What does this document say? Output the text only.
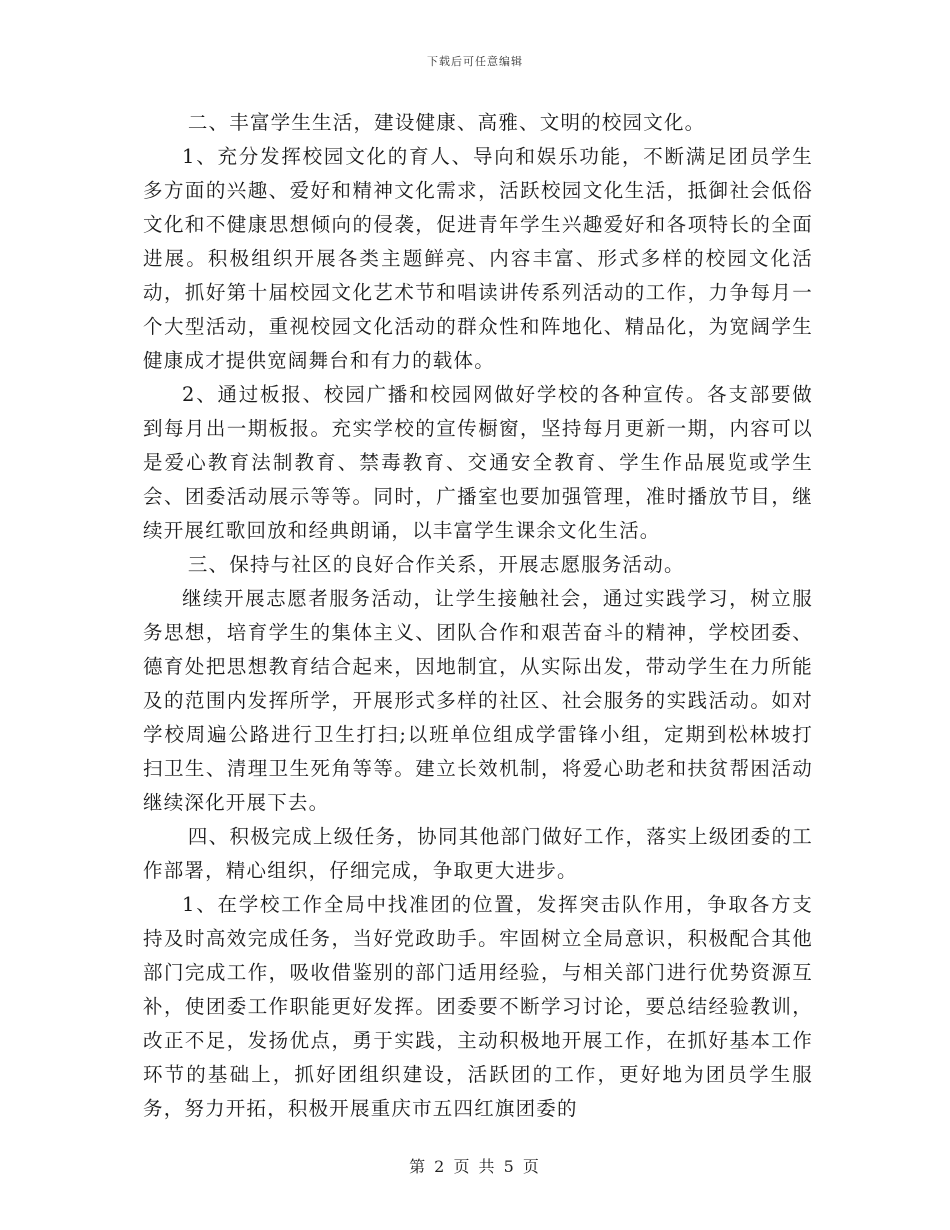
下载后可任意编辑

二、丰富学生生活，建设健康、高雅、文明的校园文化。

1、充分发挥校园文化的育人、导向和娱乐功能，不断满足团员学生多方面的兴趣、爱好和精神文化需求，活跃校园文化生活，抵御社会低俗文化和不健康思想倾向的侵袭，促进青年学生兴趣爱好和各项特长的全面进展。积极组织开展各类主题鲜亮、内容丰富、形式多样的校园文化活动，抓好第十届校园文化艺术节和唱读讲传系列活动的工作，力争每月一个大型活动，重视校园文化活动的群众性和阵地化、精品化，为宽阔学生健康成才提供宽阔舞台和有力的载体。

2、通过板报、校园广播和校园网做好学校的各种宣传。各支部要做到每月出一期板报。充实学校的宣传橱窗，坚持每月更新一期，内容可以是爱心教育法制教育、禁毒教育、交通安全教育、学生作品展览或学生会、团委活动展示等等。同时，广播室也要加强管理，准时播放节目，继续开展红歌回放和经典朗诵，以丰富学生课余文化生活。

三、保持与社区的良好合作关系，开展志愿服务活动。

继续开展志愿者服务活动，让学生接触社会，通过实践学习，树立服务思想，培育学生的集体主义、团队合作和艰苦奋斗的精神，学校团委、德育处把思想教育结合起来，因地制宜，从实际出发，带动学生在力所能及的范围内发挥所学，开展形式多样的社区、社会服务的实践活动。如对学校周遍公路进行卫生打扫;以班单位组成学雷锋小组，定期到松林坡打扫卫生、清理卫生死角等等。建立长效机制，将爱心助老和扶贫帮困活动继续深化开展下去。

四、积极完成上级任务，协同其他部门做好工作，落实上级团委的工作部署，精心组织，仔细完成，争取更大进步。

1、在学校工作全局中找准团的位置，发挥突击队作用，争取各方支持及时高效完成任务，当好党政助手。牢固树立全局意识，积极配合其他部门完成工作，吸收借鉴别的部门适用经验，与相关部门进行优势资源互补，使团委工作职能更好发挥。团委要不断学习讨论，要总结经验教训，改正不足，发扬优点，勇于实践，主动积极地开展工作，在抓好基本工作环节的基础上，抓好团组织建设，活跃团的工作，更好地为团员学生服务，努力开拓，积极开展重庆市五四红旗团委的

第 2 页 共 5 页
